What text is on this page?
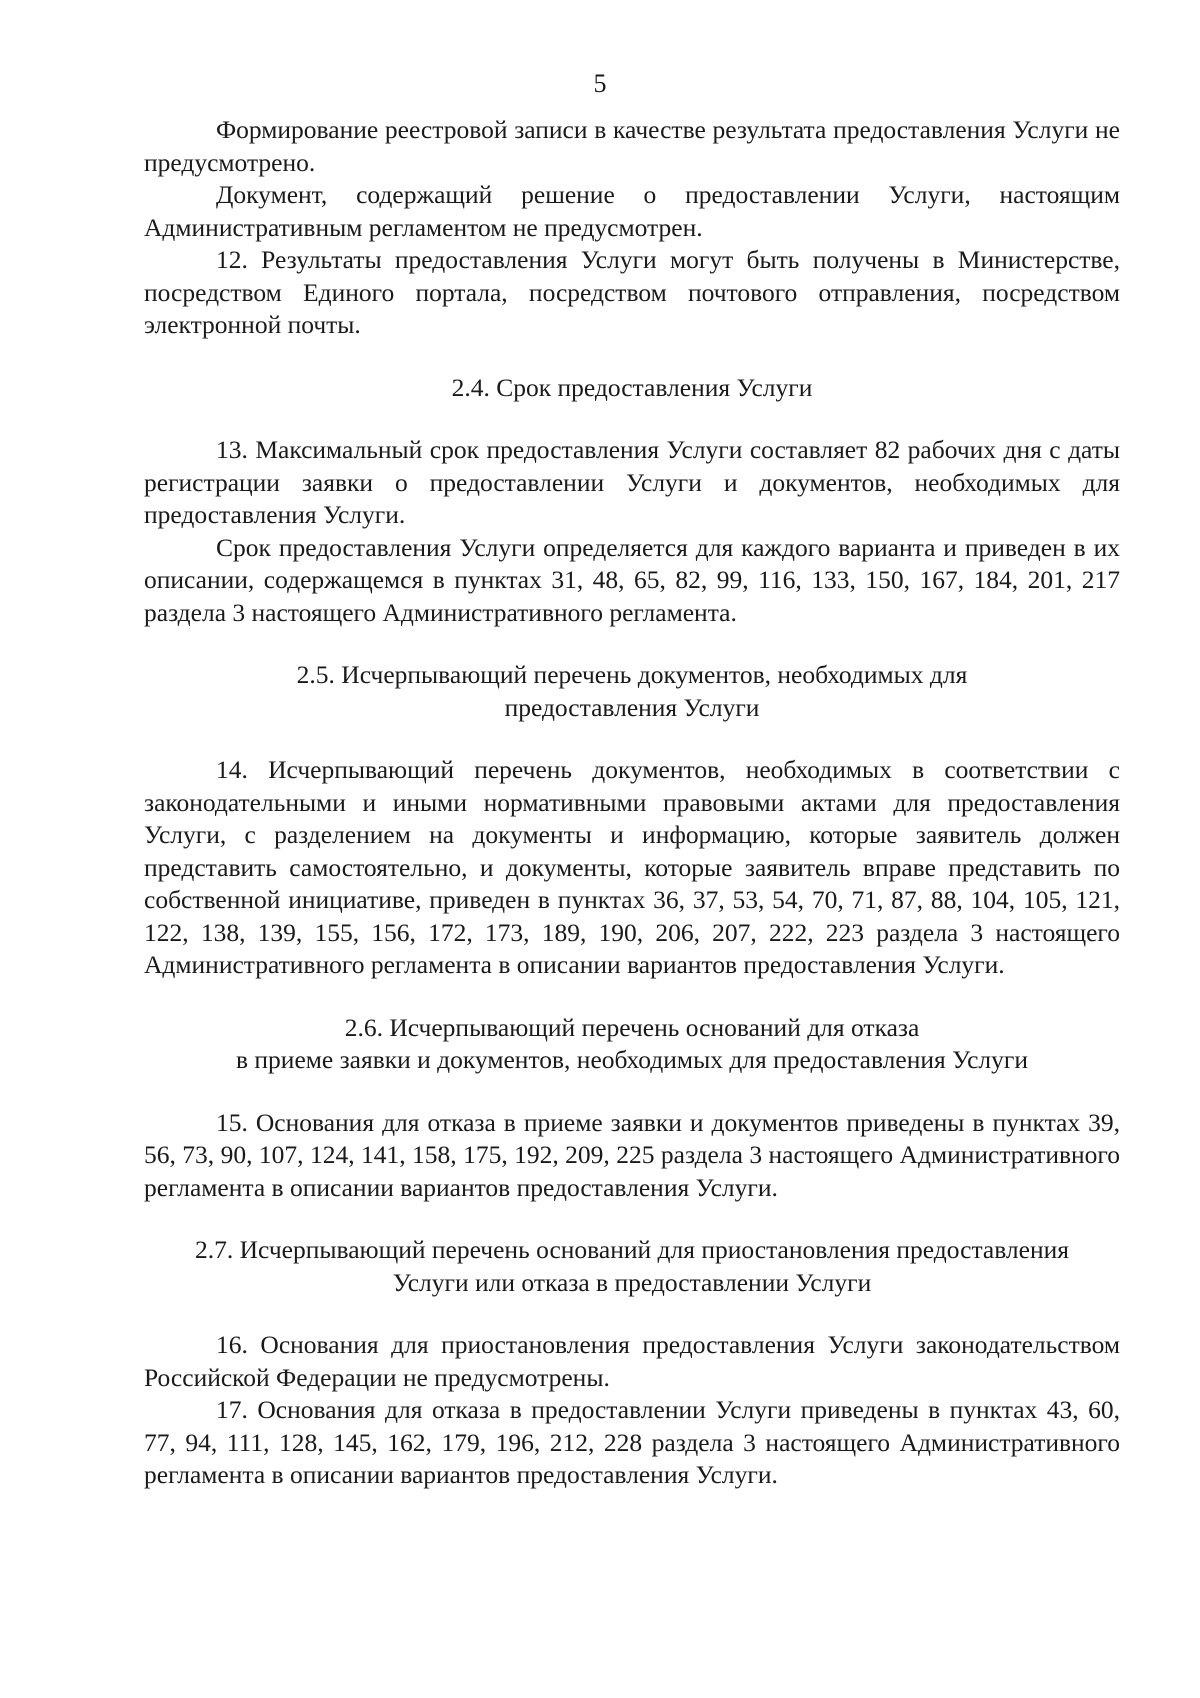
5

Формирование реестровой записи в качестве результата предоставления Услуги не предусмотрено.

Документ, содержащий решение о предоставлении Услуги, настоящим Административным регламентом не предусмотрен.

12. Результаты предоставления Услуги могут быть получены в Министерстве, посредством Единого портала, посредством почтового отправления, посредством электронной почты.

2.4. Срок предоставления Услуги

13. Максимальный срок предоставления Услуги составляет 82 рабочих дня с даты регистрации заявки о предоставлении Услуги и документов, необходимых для предоставления Услуги.

Срок предоставления Услуги определяется для каждого варианта и приведен в их описании, содержащемся в пунктах 31, 48, 65, 82, 99, 116, 133, 150, 167, 184, 201, 217 раздела 3 настоящего Административного регламента.

2.5. Исчерпывающий перечень документов, необходимых для

предоставления Услуги

14. Исчерпывающий перечень документов, необходимых в соответствии с законодательными и иными нормативными правовыми актами для предоставления Услуги, с разделением на документы и информацию, которые заявитель должен представить самостоятельно, и документы, которые заявитель вправе представить по собственной инициативе, приведен в пунктах 36, 37, 53, 54, 70, 71, 87, 88, 104, 105, 121, 122, 138, 139, 155, 156, 172, 173, 189, 190, 206, 207, 222, 223 раздела 3 настоящего Административного регламента в описании вариантов предоставления Услуги.

2.6. Исчерпывающий перечень оснований для отказа

в приеме заявки и документов, необходимых для предоставления Услуги

15. Основания для отказа в приеме заявки и документов приведены в пунктах 39, 56, 73, 90, 107, 124, 141, 158, 175, 192, 209, 225 раздела 3 настоящего Административного регламента в описании вариантов предоставления Услуги.

2.7. Исчерпывающий перечень оснований для приостановления предоставления

Услуги или отказа в предоставлении Услуги

16. Основания для приостановления предоставления Услуги законодательством Российской Федерации не предусмотрены.

17. Основания для отказа в предоставлении Услуги приведены в пунктах 43, 60, 77, 94, 111, 128, 145, 162, 179, 196, 212, 228 раздела 3 настоящего Административного регламента в описании вариантов предоставления Услуги.
